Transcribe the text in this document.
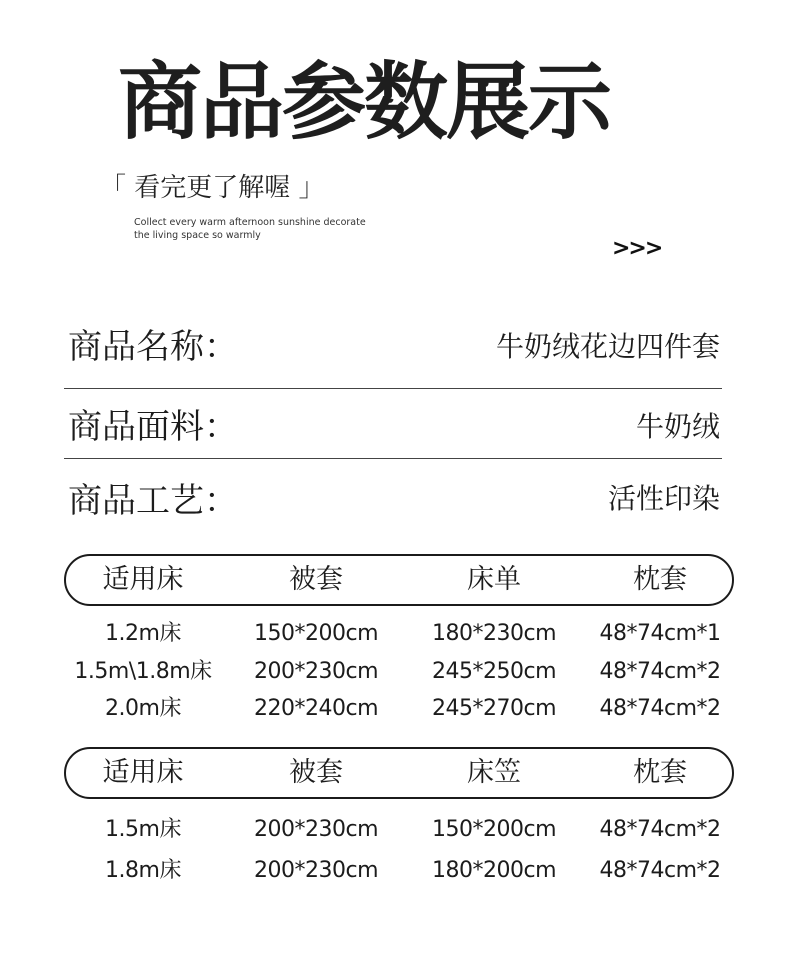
商品参数展示
「 看完更了解喔 」
Collect every warm afternoon sunshine decorate
the living space so warmly
>>>
商品名称：	牛奶绒花边四件套
商品面料：	牛奶绒
商品工艺：	活性印染
适用床	被套	床单	枕套
1.2m床	150*200cm	180*230cm	48*74cm*1
1.5m\1.8m床	200*230cm	245*250cm	48*74cm*2
2.0m床	220*240cm	245*270cm	48*74cm*2
适用床	被套	床笠	枕套
1.5m床	200*230cm	150*200cm	48*74cm*2
1.8m床	200*230cm	180*200cm	48*74cm*2
